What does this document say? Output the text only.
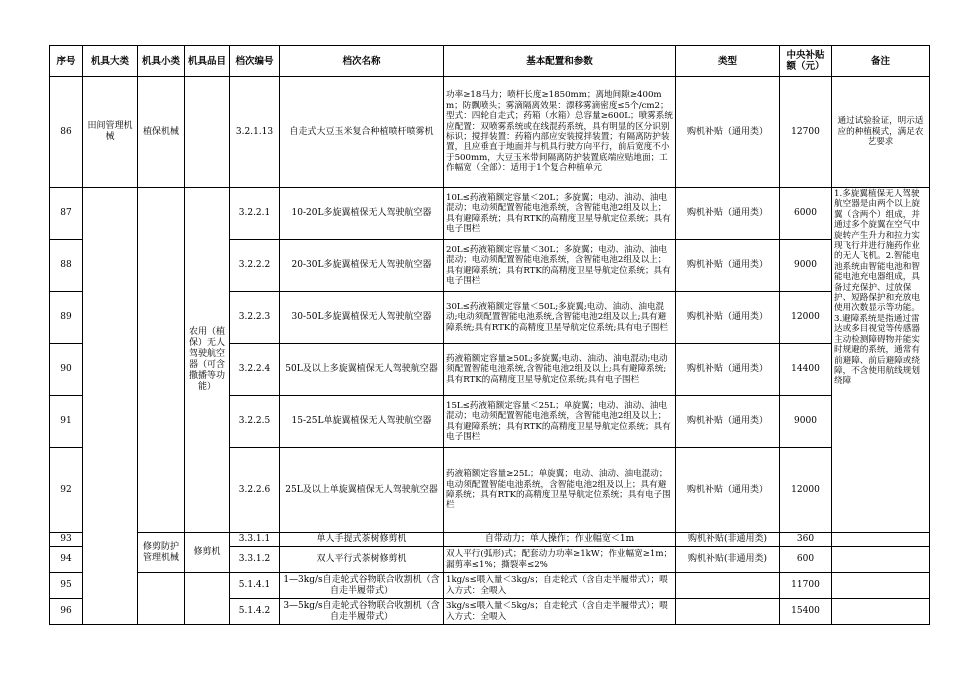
序号	机具大类	机具小类	机具品目	档次编号	档次名称	基本配置和参数	类型	中央补贴额（元）	备注
86	田间管理机械	植保机械		3.2.1.13	自走式大豆玉米复合种植喷杆喷雾机	功率≥18马力；喷杆长度≥1850mm；离地间隙≥400mm；防飘喷头；雾滴隔离效果：漂移雾滴密度≤5个/cm2；型式：四轮自走式；药箱（水箱）总容量≥600L；喷雾系统应配置：双喷雾系统或在线混药系统，具有明显的区分识别标识；搅拌装置：药箱内部应安装搅拌装置；有隔离防护装置，且应垂直于地面并与机具行驶方向平行，前后宽度不小于500mm，大豆玉米带间隔离防护装置底端应贴地面；工作幅宽（全部）：适用于1个复合种植单元	购机补贴（通用类）	12700	通过试验验证，明示适应的种植模式，满足农艺要求
87			农用（植保）无人驾驶航空器（可含撒播等功能）	3.2.2.1	10-20L多旋翼植保无人驾驶航空器	10L≤药液箱额定容量＜20L；多旋翼；电动、油动、油电混动；电动须配置智能电池系统，含智能电池2组及以上；具有避障系统；具有RTK的高精度卫星导航定位系统；具有电子围栏	购机补贴（通用类）	6000	1.多旋翼植保无人驾驶航空器是由两个以上旋翼（含两个）组成，并通过多个旋翼在空气中旋转产生升力和拉力实现飞行并进行施药作业的无人飞机。2.智能电池系统由智能电池和智能电池充电器组成，具备过充保护、过放保护、短路保护和充放电使用次数显示等功能。3.避障系统是指通过雷达或多目视觉等传感器主动检测障碍物并能实时规避的系统，通常有前避障、前后避障或绕障，不含使用航线规划绕障
88				3.2.2.2	20-30L多旋翼植保无人驾驶航空器	20L≤药液箱额定容量＜30L；多旋翼；电动、油动、油电混动；电动须配置智能电池系统，含智能电池2组及以上；具有避障系统；具有RTK的高精度卫星导航定位系统；具有电子围栏	购机补贴（通用类）	9000	
89				3.2.2.3	30-50L多旋翼植保无人驾驶航空器	30L≤药液箱额定容量＜50L;多旋翼;电动、油动、油电混动;电动须配置智能电池系统,含智能电池2组及以上;具有避障系统;具有RTK的高精度卫星导航定位系统;具有电子围栏	购机补贴（通用类）	12000	
90				3.2.2.4	50L及以上多旋翼植保无人驾驶航空器	药液箱额定容量≥50L;多旋翼;电动、油动、油电混动;电动须配置智能电池系统,含智能电池2组及以上;具有避障系统;具有RTK的高精度卫星导航定位系统;具有电子围栏	购机补贴（通用类）	14400	
91				3.2.2.5	15-25L单旋翼植保无人驾驶航空器	15L≤药液箱额定容量＜25L；单旋翼；电动、油动、油电混动；电动须配置智能电池系统，含智能电池2组及以上；具有避障系统；具有RTK的高精度卫星导航定位系统；具有电子围栏	购机补贴（通用类）	9000	
92				3.2.2.6	25L及以上单旋翼植保无人驾驶航空器	药液箱额定容量≥25L；单旋翼；电动、油动、油电混动；电动须配置智能电池系统，含智能电池2组及以上；具有避障系统；具有RTK的高精度卫星导航定位系统；具有电子围栏	购机补贴（通用类）	12000	
93		修剪防护管理机械	修剪机	3.3.1.1	单人手提式茶树修剪机	自带动力；单人操作；作业幅宽＜1m	购机补贴(非通用类)	360	
94				3.3.1.2	双人平行式茶树修剪机	双人平行(弧形)式；配套动力功率≥1kW；作业幅宽≥1m；漏剪率≤1%；撕裂率≤2%	购机补贴(非通用类)	600	
95				5.1.4.1	1—3kg/s自走轮式谷物联合收割机（含自走半履带式）	1kg/s≤喂入量＜3kg/s；自走轮式（含自走半履带式）；喂入方式：全喂入		11700	
96				5.1.4.2	3—5kg/s自走轮式谷物联合收割机（含自走半履带式）	3kg/s≤喂入量＜5kg/s；自走轮式（含自走半履带式）；喂入方式：全喂入		15400	
